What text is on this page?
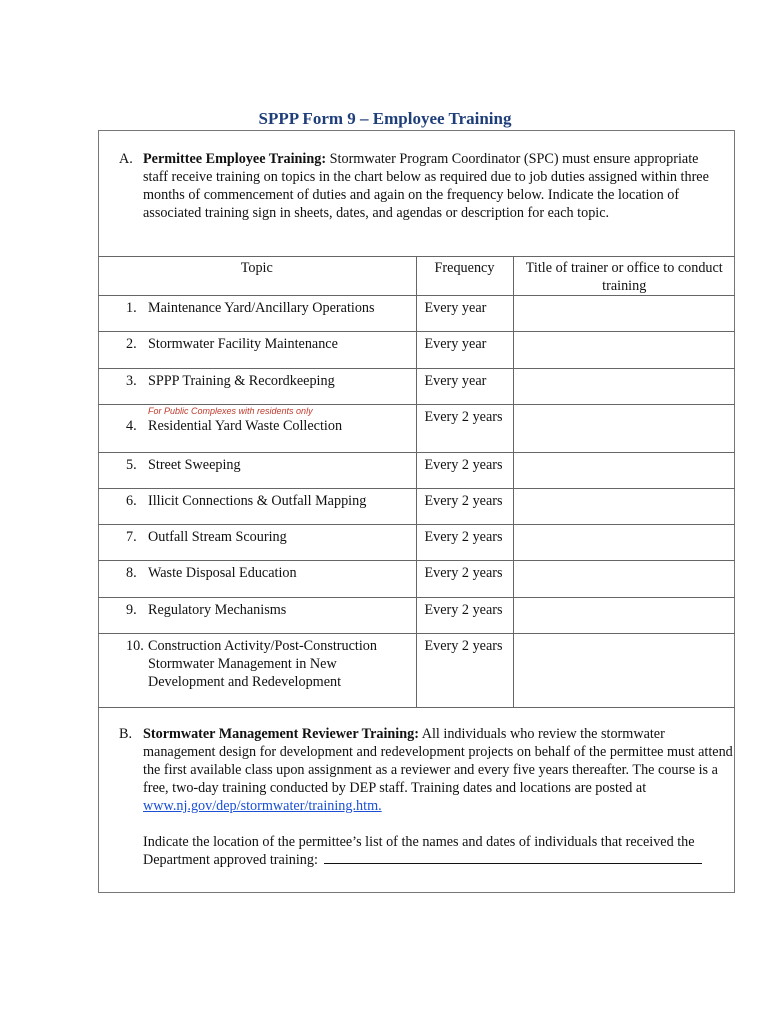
SPPP Form 9 – Employee Training
A. Permittee Employee Training: Stormwater Program Coordinator (SPC) must ensure appropriate staff receive training on topics in the chart below as required due to job duties assigned within three months of commencement of duties and again on the frequency below. Indicate the location of associated training sign in sheets, dates, and agendas or description for each topic.
Topic	Frequency	Title of trainer or office to conduct training
1. Maintenance Yard/Ancillary Operations	Every year	
2. Stormwater Facility Maintenance	Every year	
3. SPPP Training & Recordkeeping	Every year	

For Public Complexes with residents only
4. Residential Yard Waste Collection	Every 2 years	
5. Street Sweeping	Every 2 years	
6. Illicit Connections & Outfall Mapping	Every 2 years	
7. Outfall Stream Scouring	Every 2 years	
8. Waste Disposal Education	Every 2 years	
9. Regulatory Mechanisms	Every 2 years	

10. Construction Activity/Post-Construction Stormwater Management in New Development and Redevelopment	Every 2 years	
B. Stormwater Management Reviewer Training: All individuals who review the stormwater management design for development and redevelopment projects on behalf of the permittee must attend the first available class upon assignment as a reviewer and every five years thereafter. The course is a free, two-day training conducted by DEP staff. Training dates and locations are posted at www.nj.gov/dep/stormwater/training.htm.
Indicate the location of the permittee’s list of the names and dates of individuals that received the Department approved training:
